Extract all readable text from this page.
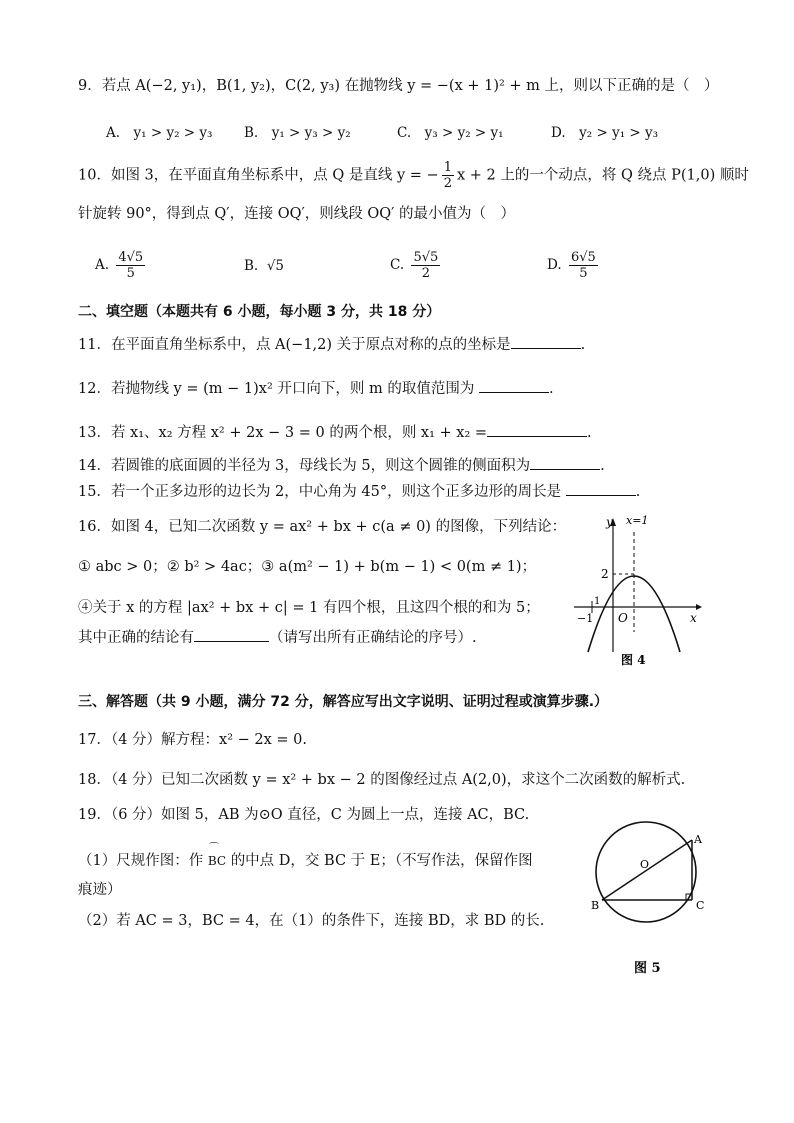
9．若点 A(−2, y₁)，B(1, y₂)，C(2, y₃) 在抛物线 y = −(x + 1)² + m 上，则以下正确的是（　）
A.　y₁ > y₂ > y₃ B.　y₁ > y₃ > y₂	C.　y₃ > y₂ > y₁	D.　y₂ > y₁ > y₃
10．如图 3，在平面直角坐标系中，点 Q 是直线 y = − $\frac{1}{2}$ x + 2 上的一个动点，将 Q 绕点 P(1,0) 顺时
针旋转 90°，得到点 Q′，连接 OQ′，则线段 OQ′ 的最小值为（　）
A. $\frac{4√5}{5}$	B. √5	C. $\frac{5√5}{2}$	D. $\frac{6√5}{5}$
二、填空题（本题共有 6 小题，每小题 3 分，共 18 分）
11．在平面直角坐标系中，点 A(−1,2) 关于原点对称的点的坐标是	.
12．若抛物线 y = (m − 1)x² 开口向下，则 m 的取值范围为	.
13．若 x₁、x₂ 方程 x² + 2x − 3 = 0 的两个根，则 x₁ + x₂ =	.
14．若圆锥的底面圆的半径为 3，母线长为 5，则这个圆锥的侧面积为	.
15．若一个正多边形的边长为 2，中心角为 45°，则这个正多边形的周长是	.
16．如图 4，已知二次函数 y = ax² + bx + c(a ≠ 0) 的图像，下列结论：
① abc > 0；② b² > 4ac；③ a(m² − 1) + b(m − 1) < 0(m ≠ 1)；
④关于 x 的方程 |ax² + bx + c| = 1 有四个根，且这四个根的和为 5；
其中正确的结论有	（请写出所有正确结论的序号）.
y
x
x=1
2
−1
1
O
图 4
三、解答题（共 9 小题，满分 72 分，解答应写出文字说明、证明过程或演算步骤.）
17．（4 分）解方程：x² − 2x = 0.
18．（4 分）已知二次函数 y = x² + bx − 2 的图像经过点 A(2,0)，求这个二次函数的解析式.
19．（6 分）如图 5，AB 为⊙O 直径，C 为圆上一点，连接 AC，BC.
（1）尺规作图：作
⌒
BC 的中点 D，交 BC 于 E；（不写作法，保留作图
痕迹）
（2）若 AC = 3，BC = 4，在（1）的条件下，连接 BD，求 BD 的长.
A
B	C
O
图 5
